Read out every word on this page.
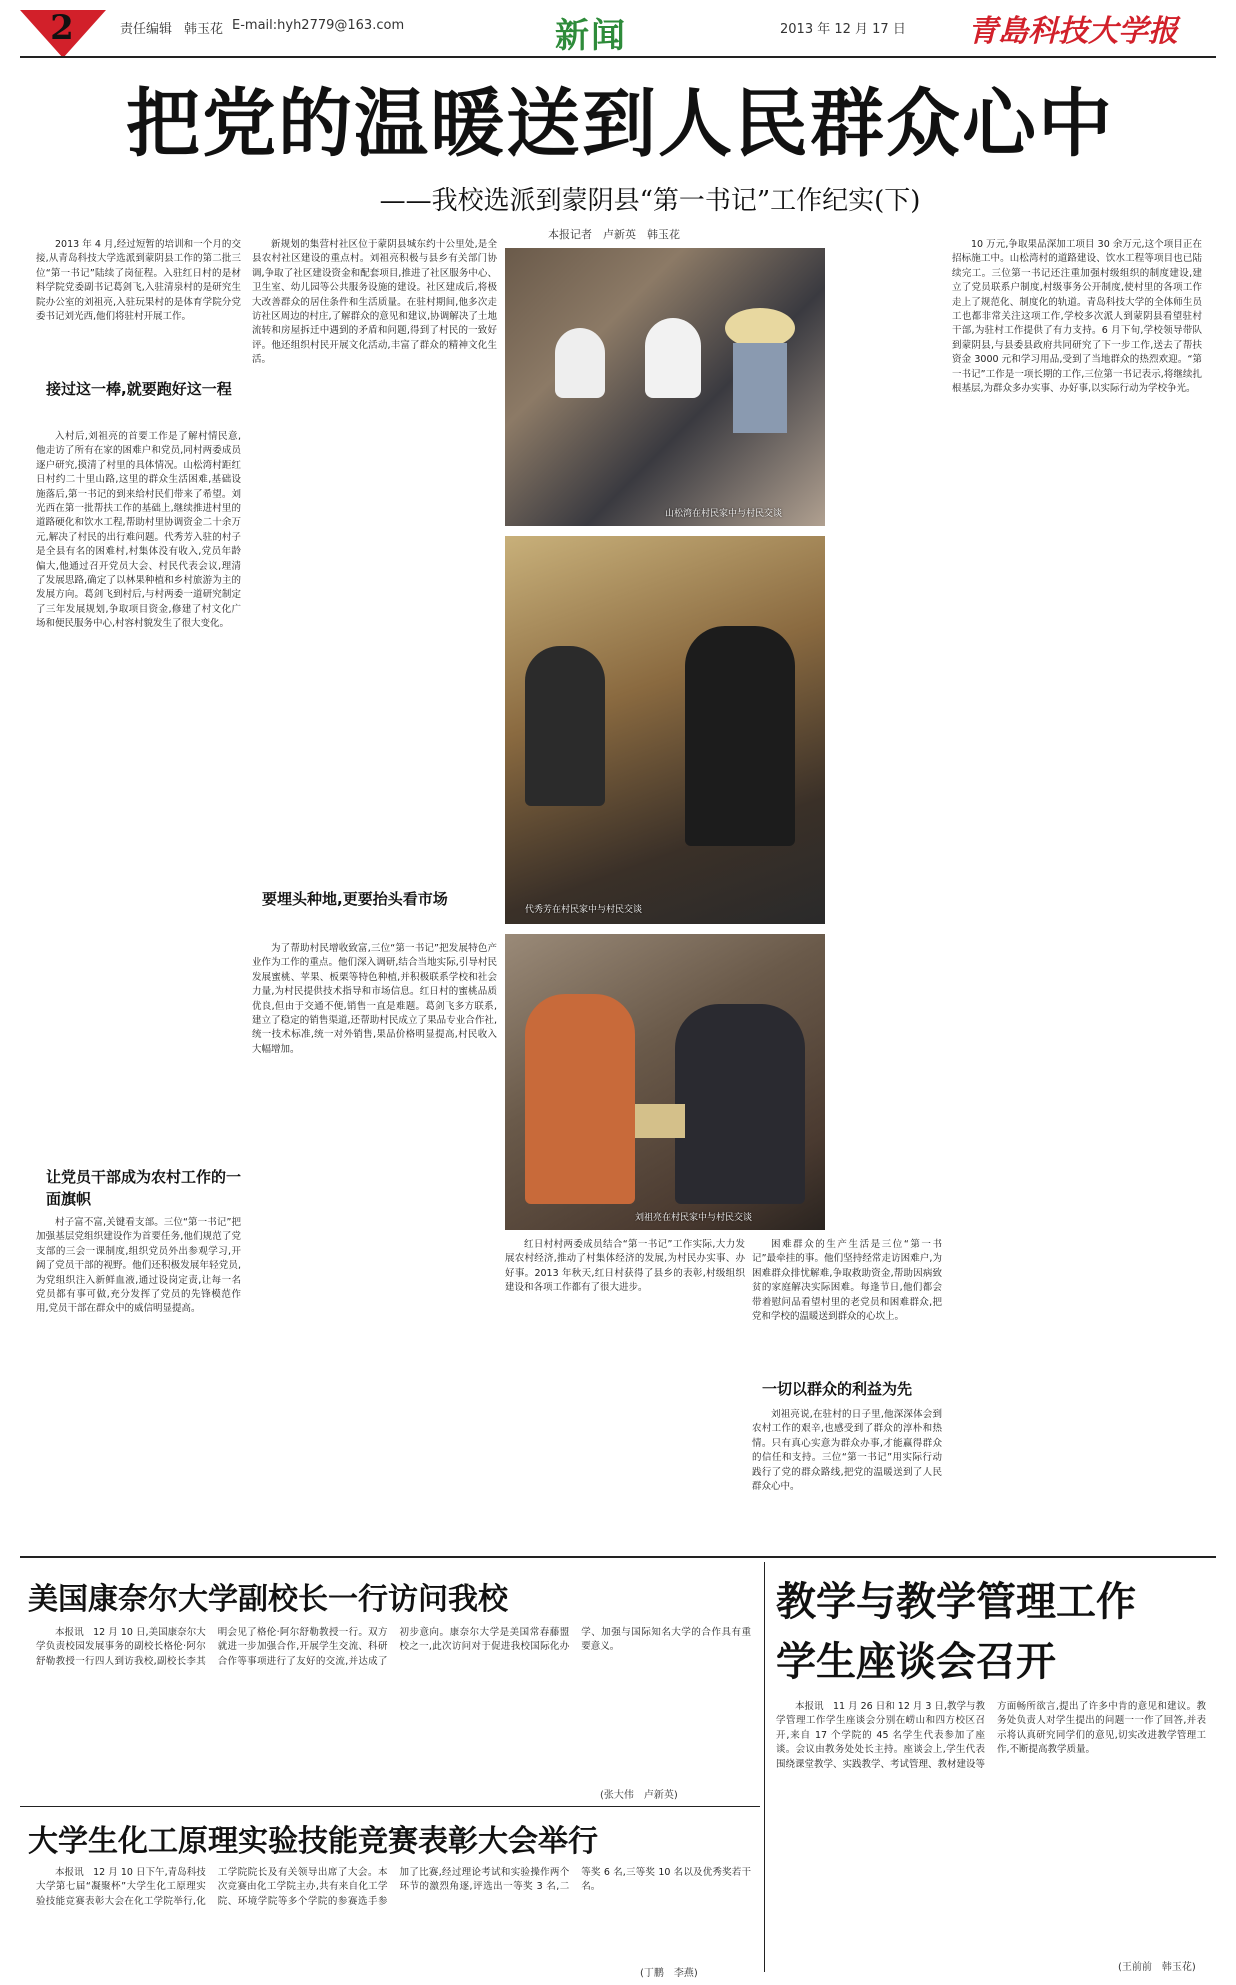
2	责任编辑 韩玉花 E-mail:hyh2779@163.com	新闻	2013 年 12 月 17 日 青島科技大学报
把党的温暖送到人民群众心中
——我校选派到蒙阴县“第一书记”工作纪实(下)
本报记者　卢新英　韩玉花

2013 年 4 月,经过短暂的培训和一个月的交接,从青岛科技大学选派到蒙阴县工作的第二批三位“第一书记”陆续了岗征程。入驻红日村的是材料学院党委副书记葛剑飞,入驻清泉村的是研究生院办公室的刘祖亮,入驻玩果村的是体育学院分党委书记刘光西,他们将驻村开展工作。

接过这一棒,就要跑好这一程

入村后,刘祖亮的首要工作是了解村情民意,他走访了所有在家的困难户和党员,同村两委成员逐户研究,摸清了村里的具体情况。山松湾村距红日村约二十里山路,这里的群众生活困难,基础设施落后,第一书记的到来给村民们带来了希望。刘光西在第一批帮扶工作的基础上,继续推进村里的道路硬化和饮水工程,帮助村里协调资金二十余万元,解决了村民的出行难问题。代秀芳入驻的村子是全县有名的困难村,村集体没有收入,党员年龄偏大,他通过召开党员大会、村民代表会议,理清了发展思路,确定了以林果种植和乡村旅游为主的发展方向。葛剑飞到村后,与村两委一道研究制定了三年发展规划,争取项目资金,修建了村文化广场和便民服务中心,村容村貌发生了很大变化。

让党员干部成为农村工作的一面旗帜

村子富不富,关键看支部。三位“第一书记”把加强基层党组织建设作为首要任务,他们规范了党支部的三会一课制度,组织党员外出参观学习,开阔了党员干部的视野。他们还积极发展年轻党员,为党组织注入新鲜血液,通过设岗定责,让每一名党员都有事可做,充分发挥了党员的先锋模范作用,党员干部在群众中的威信明显提高。

新规划的集营村社区位于蒙阴县城东约十公里处,是全县农村社区建设的重点村。刘祖亮积极与县乡有关部门协调,争取了社区建设资金和配套项目,推进了社区服务中心、卫生室、幼儿园等公共服务设施的建设。社区建成后,将极大改善群众的居住条件和生活质量。在驻村期间,他多次走访社区周边的村庄,了解群众的意见和建议,协调解决了土地流转和房屋拆迁中遇到的矛盾和问题,得到了村民的一致好评。他还组织村民开展文化活动,丰富了群众的精神文化生活。

要埋头种地,更要抬头看市场

为了帮助村民增收致富,三位“第一书记”把发展特色产业作为工作的重点。他们深入调研,结合当地实际,引导村民发展蜜桃、苹果、板栗等特色种植,并积极联系学校和社会力量,为村民提供技术指导和市场信息。红日村的蜜桃品质优良,但由于交通不便,销售一直是难题。葛剑飞多方联系,建立了稳定的销售渠道,还帮助村民成立了果品专业合作社,统一技术标准,统一对外销售,果品价格明显提高,村民收入大幅增加。

山松湾在村民家中与村民交谈
代秀芳在村民家中与村民交谈
刘祖亮在村民家中与村民交谈

红日村村两委成员结合“第一书记”工作实际,大力发展农村经济,推动了村集体经济的发展,为村民办实事、办好事。2013 年秋天,红日村获得了县乡的表彰,村级组织建设和各项工作都有了很大进步。

困难群众的生产生活是三位“第一书记”最牵挂的事。他们坚持经常走访困难户,为困难群众排忧解难,争取救助资金,帮助因病致贫的家庭解决实际困难。每逢节日,他们都会带着慰问品看望村里的老党员和困难群众,把党和学校的温暖送到群众的心坎上。

一切以群众的利益为先

刘祖亮说,在驻村的日子里,他深深体会到农村工作的艰辛,也感受到了群众的淳朴和热情。只有真心实意为群众办事,才能赢得群众的信任和支持。三位“第一书记”用实际行动践行了党的群众路线,把党的温暖送到了人民群众心中。

10 万元,争取果品深加工项目 30 余万元,这个项目正在招标施工中。山松湾村的道路建设、饮水工程等项目也已陆续完工。三位第一书记还注重加强村级组织的制度建设,建立了党员联系户制度,村级事务公开制度,使村里的各项工作走上了规范化、制度化的轨道。青岛科技大学的全体师生员工也都非常关注这项工作,学校多次派人到蒙阴县看望驻村干部,为驻村工作提供了有力支持。6 月下旬,学校领导带队到蒙阴县,与县委县政府共同研究了下一步工作,送去了帮扶资金 3000 元和学习用品,受到了当地群众的热烈欢迎。“第一书记”工作是一项长期的工作,三位第一书记表示,将继续扎根基层,为群众多办实事、办好事,以实际行动为学校争光。

美国康奈尔大学副校长一行访问我校

本报讯　12 月 10 日,美国康奈尔大学负责校园发展事务的副校长格伦·阿尔舒勒教授一行四人到访我校,副校长李其明会见了格伦·阿尔舒勒教授一行。双方就进一步加强合作,开展学生交流、科研合作等事项进行了友好的交流,并达成了初步意向。康奈尔大学是美国常春藤盟校之一,此次访问对于促进我校国际化办学、加强与国际知名大学的合作具有重要意义。

(张大伟　卢新英)
大学生化工原理实验技能竞赛表彰大会举行

本报讯　12 月 10 日下午,青岛科技大学第七届“凝聚杯”大学生化工原理实验技能竞赛表彰大会在化工学院举行,化工学院院长及有关领导出席了大会。本次竞赛由化工学院主办,共有来自化工学院、环境学院等多个学院的参赛选手参加了比赛,经过理论考试和实验操作两个环节的激烈角逐,评选出一等奖 3 名,二等奖 6 名,三等奖 10 名以及优秀奖若干名。

(丁鹏　李燕)
教学与教学管理工作
学生座谈会召开

本报讯　11 月 26 日和 12 月 3 日,教学与教学管理工作学生座谈会分别在崂山和四方校区召开,来自 17 个学院的 45 名学生代表参加了座谈。会议由教务处处长主持。座谈会上,学生代表围绕课堂教学、实践教学、考试管理、教材建设等方面畅所欲言,提出了许多中肯的意见和建议。教务处负责人对学生提出的问题一一作了回答,并表示将认真研究同学们的意见,切实改进教学管理工作,不断提高教学质量。

(王前前　韩玉花)
